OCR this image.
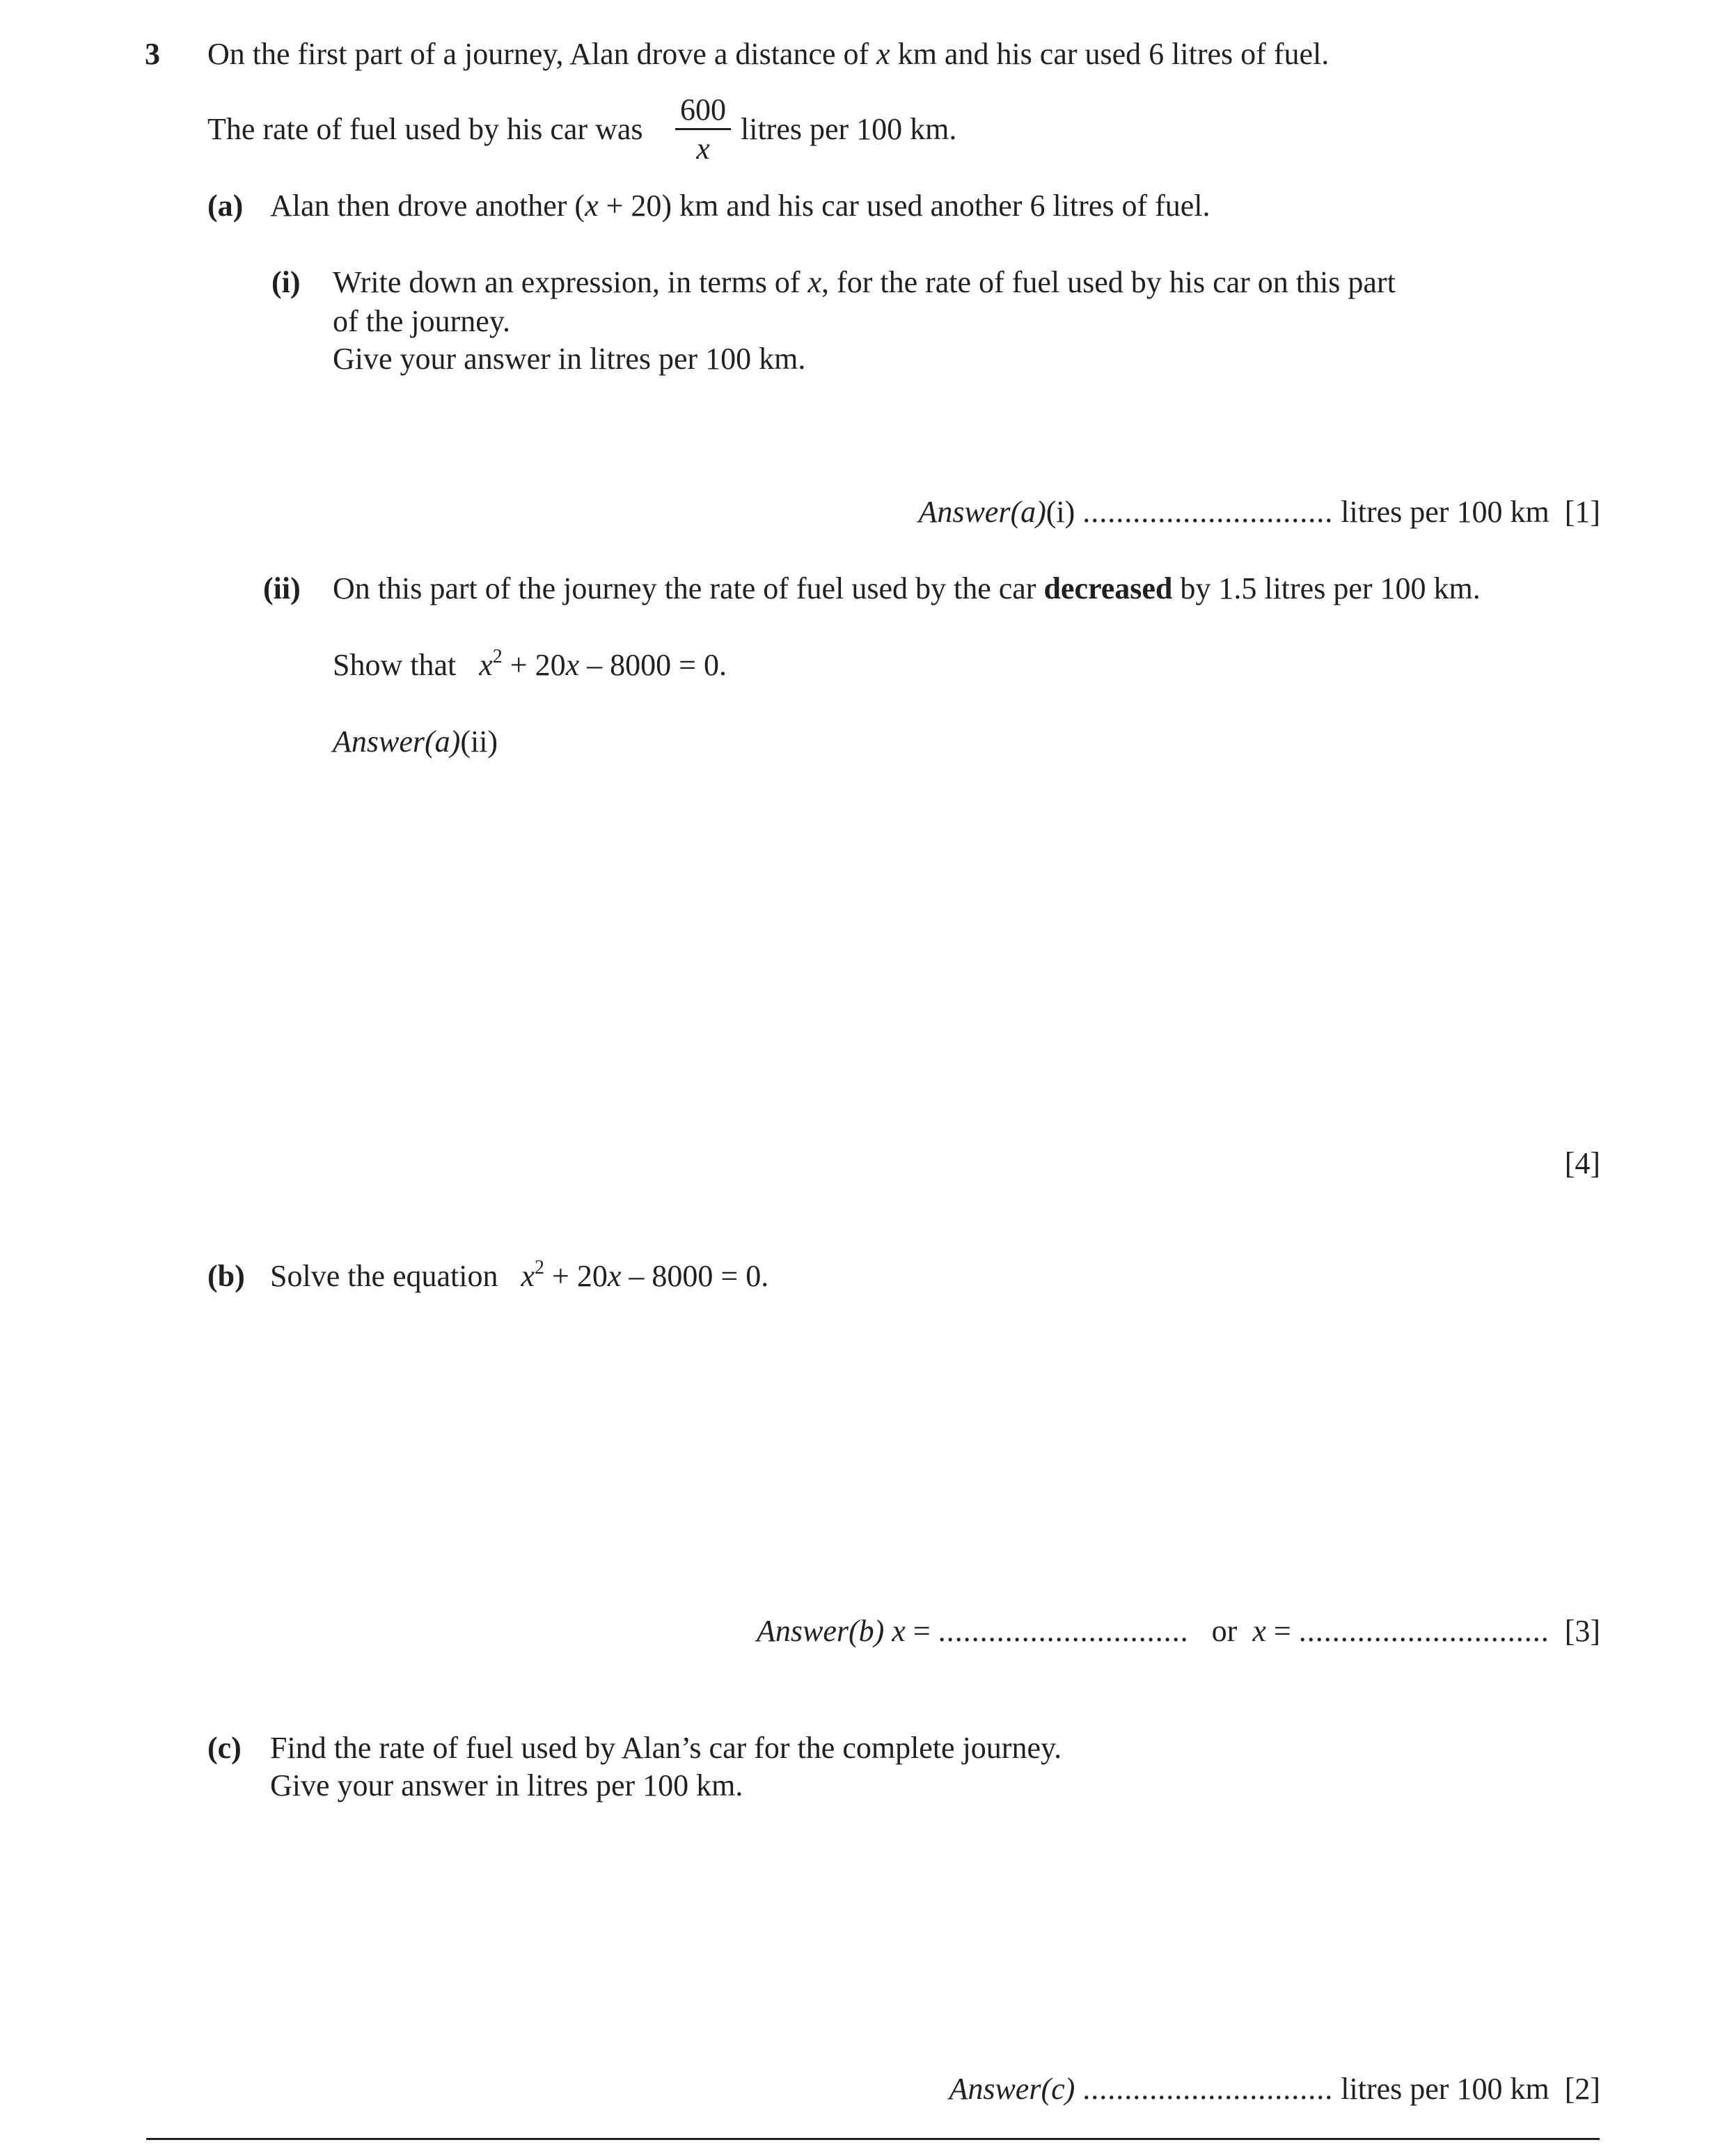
3 On the first part of a journey, Alan drove a distance of x km and his car used 6 litres of fuel.
The rate of fuel used by his car was
600
x
litres per 100 km.
(a) Alan then drove another (x + 20) km and his car used another 6 litres of fuel.
(i) Write down an expression, in terms of x, for the rate of fuel used by his car on this part
of the journey.
Give your answer in litres per 100 km.
Answer(a)(i) .............................. litres per 100 km [1]
(ii) On this part of the journey the rate of fuel used by the car decreased by 1.5 litres per 100 km.
Show that $x^2 + 20x - 8000 = 0$.
Answer(a)(ii)
[4]
(b) Solve the equation $x^2 + 20x - 8000 = 0$.
Answer(b) x = .............................. or x = .............................. [3]
(c) Find the rate of fuel used by Alan’s car for the complete journey.
Give your answer in litres per 100 km.
Answer(c) .............................. litres per 100 km [2]
